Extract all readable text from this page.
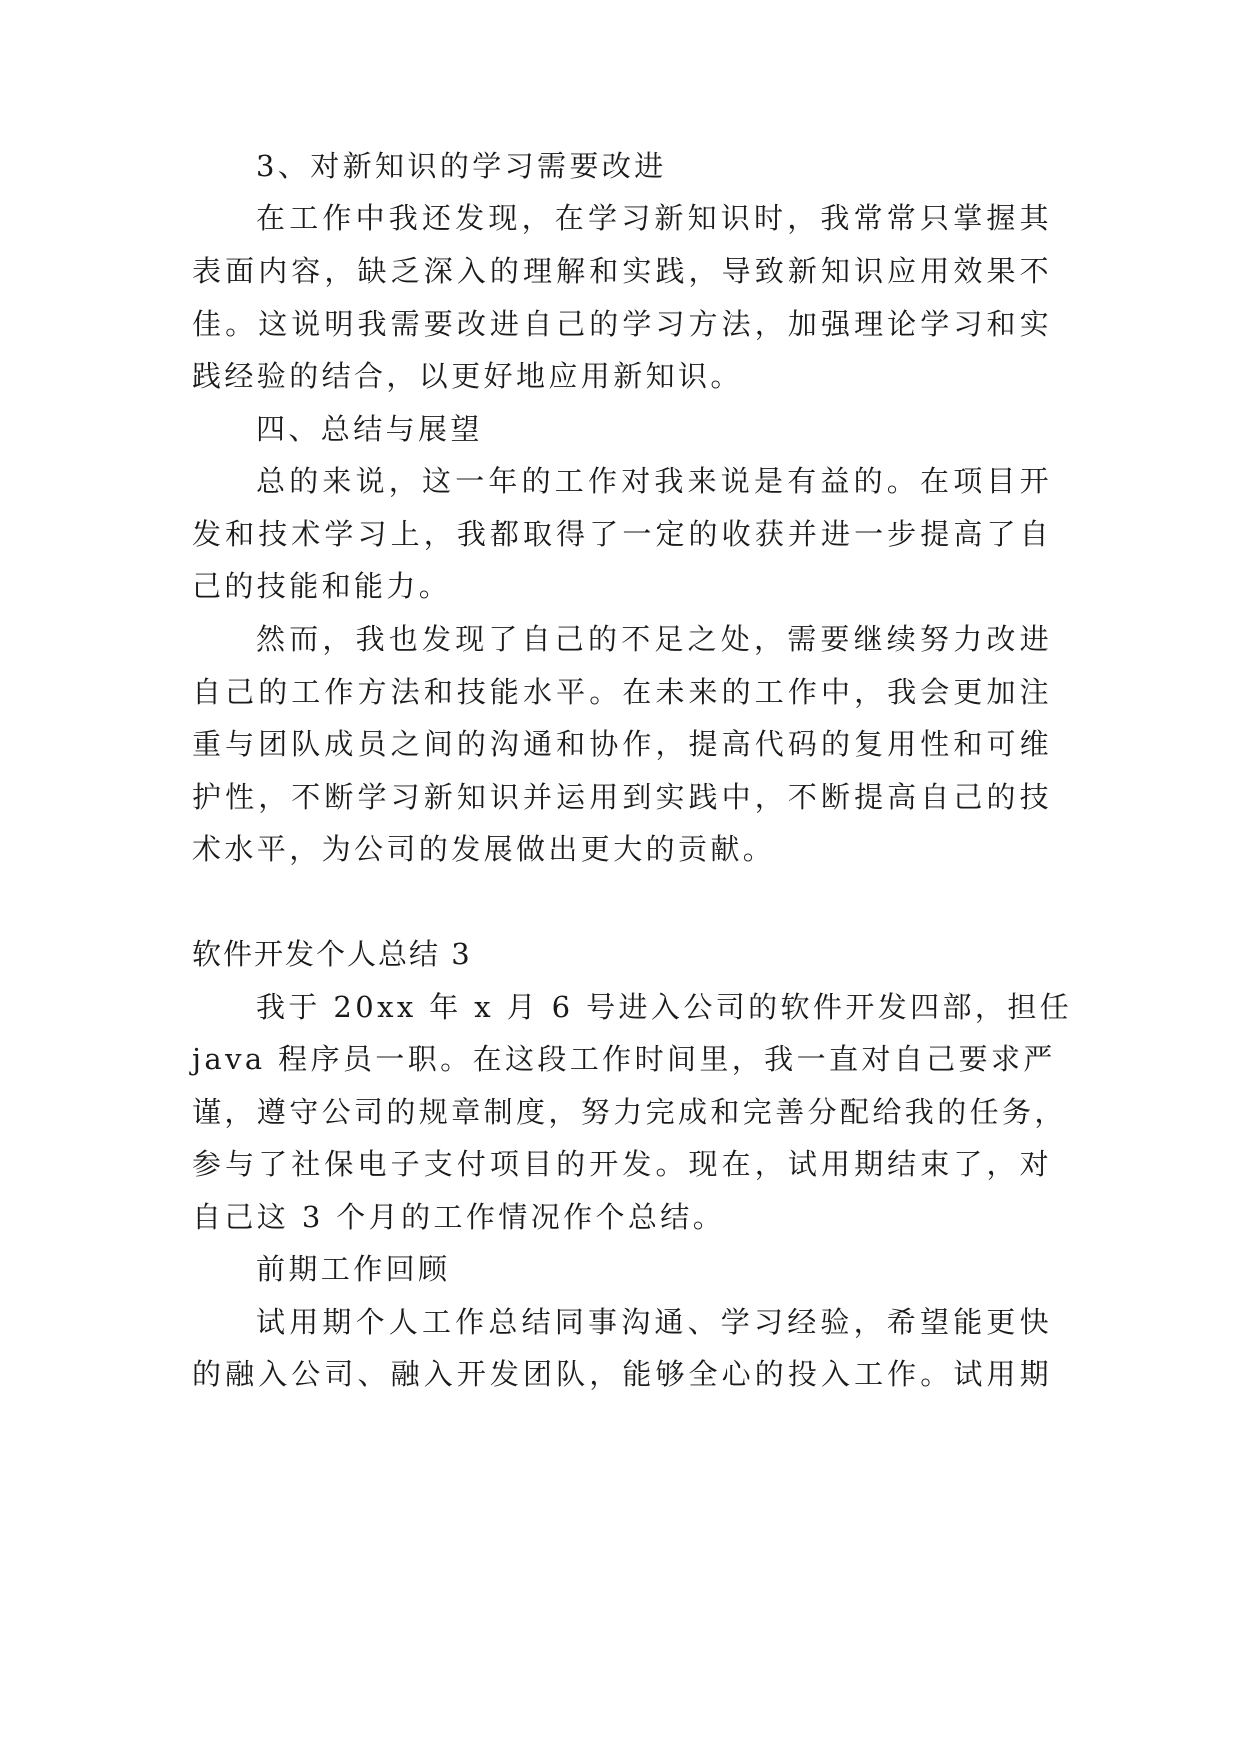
3、对新知识的学习需要改进
在工作中我还发现，在学习新知识时，我常常只掌握其
表面内容，缺乏深入的理解和实践，导致新知识应用效果不
佳。这说明我需要改进自己的学习方法，加强理论学习和实
践经验的结合，以更好地应用新知识。
四、总结与展望
总的来说，这一年的工作对我来说是有益的。在项目开
发和技术学习上，我都取得了一定的收获并进一步提高了自
己的技能和能力。
然而，我也发现了自己的不足之处，需要继续努力改进
自己的工作方法和技能水平。在未来的工作中，我会更加注
重与团队成员之间的沟通和协作，提高代码的复用性和可维
护性，不断学习新知识并运用到实践中，不断提高自己的技
术水平，为公司的发展做出更大的贡献。
软件开发个人总结 3
我于 20xx 年 x 月 6 号进入公司的软件开发四部，担任
java 程序员一职。在这段工作时间里，我一直对自己要求严
谨，遵守公司的规章制度，努力完成和完善分配给我的任务，
参与了社保电子支付项目的开发。现在，试用期结束了，对
自己这 3 个月的工作情况作个总结。
前期工作回顾
试用期个人工作总结同事沟通、学习经验，希望能更快
的融入公司、融入开发团队，能够全心的投入工作。试用期
